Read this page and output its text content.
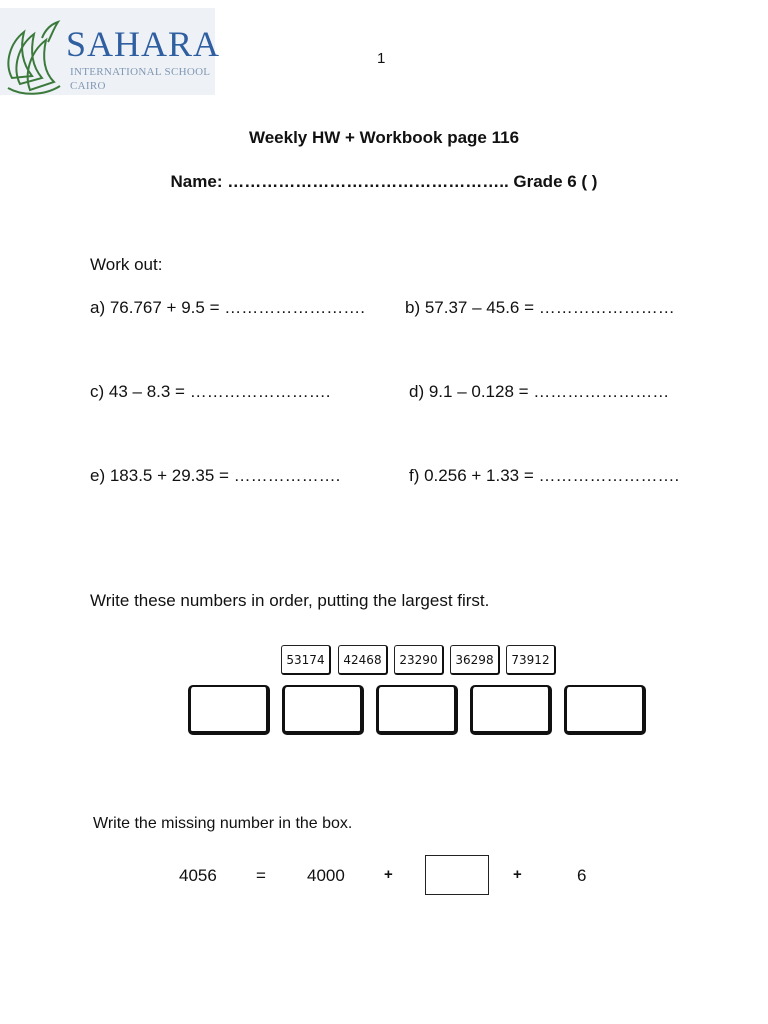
SAHARA
INTERNATIONAL SCHOOL
CAIRO
1
Weekly HW + Workbook page 116
Name: ………………………………………….. Grade 6 ( )
Work out:
a) 76.767 + 9.5 = ……………………. b) 57.37 – 45.6 = ……………………
c) 43 – 8.3 = …………………….	d) 9.1 – 0.128 = ……………………
e) 183.5 + 29.35 = ……………….	f) 0.256 + 1.33 = …………………….
Write these numbers in order, putting the largest first.
53174	42468	23290	36298	73912
Write the missing number in the box.
4056 = 4000	+	+	6
